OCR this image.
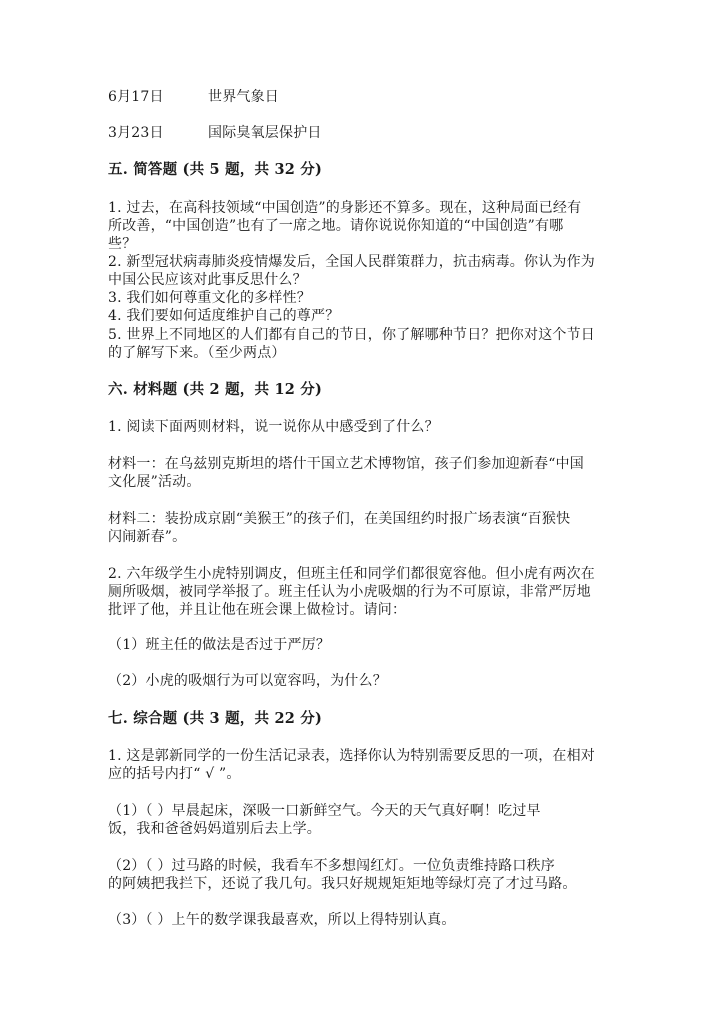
6月17日	世界气象日
3月23日	国际臭氧层保护日
五. 简答题 (共 5 题，共 32 分)
1. 过去，在高科技领域“中国创造”的身影还不算多。现在，这种局面已经有
所改善，“中国创造”也有了一席之地。请你说说你知道的“中国创造”有哪
些？
2. 新型冠状病毒肺炎疫情爆发后，全国人民群策群力，抗击病毒。你认为作为
中国公民应该对此事反思什么？
3. 我们如何尊重文化的多样性？
4. 我们要如何适度维护自己的尊严？
5. 世界上不同地区的人们都有自己的节日，你了解哪种节日？把你对这个节日
的了解写下来。（至少两点）
六. 材料题 (共 2 题，共 12 分)
1. 阅读下面两则材料，说一说你从中感受到了什么？
材料一：在乌兹别克斯坦的塔什干国立艺术博物馆，孩子们参加迎新春“中国
文化展”活动。
材料二：装扮成京剧“美猴王”的孩子们，在美国纽约时报广场表演“百猴快
闪闹新春”。
2. 六年级学生小虎特别调皮，但班主任和同学们都很宽容他。但小虎有两次在
厕所吸烟，被同学举报了。班主任认为小虎吸烟的行为不可原谅，非常严厉地
批评了他，并且让他在班会课上做检讨。请问：
（1）班主任的做法是否过于严厉？
（2）小虎的吸烟行为可以宽容吗，为什么？
七. 综合题 (共 3 题，共 22 分)
1. 这是郭新同学的一份生活记录表，选择你认为特别需要反思的一项，在相对
应的括号内打“ √ ”。
（1）（ ）早晨起床，深吸一口新鲜空气。今天的天气真好啊！吃过早
饭，我和爸爸妈妈道别后去上学。
（2）（ ）过马路的时候，我看车不多想闯红灯。一位负责维持路口秩序
的阿姨把我拦下，还说了我几句。我只好规规矩矩地等绿灯亮了才过马路。
（3）（ ）上午的数学课我最喜欢，所以上得特别认真。
